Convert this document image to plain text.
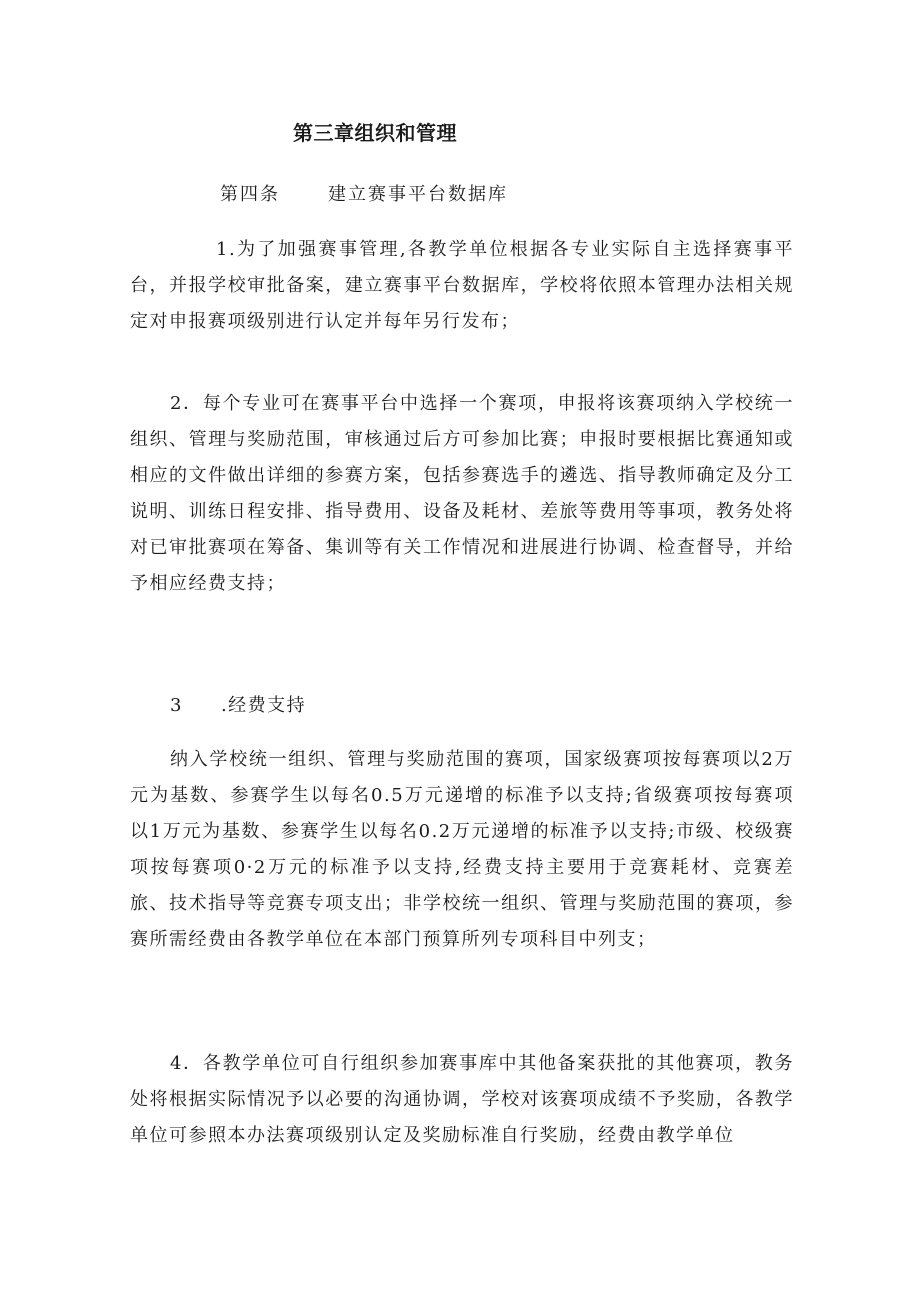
第三章组织和管理
第四条	建立赛事平台数据库

1.为了加强赛事管理,各教学单位根据各专业实际自主选择赛事平台，并报学校审批备案，建立赛事平台数据库，学校将依照本管理办法相关规定对申报赛项级别进行认定并每年另行发布；

2．每个专业可在赛事平台中选择一个赛项，申报将该赛项纳入学校统一组织、管理与奖励范围，审核通过后方可参加比赛；申报时要根据比赛通知或相应的文件做出详细的参赛方案，包括参赛选手的遴选、指导教师确定及分工说明、训练日程安排、指导费用、设备及耗材、差旅等费用等事项，教务处将对已审批赛项在筹备、集训等有关工作情况和进展进行协调、检查督导，并给予相应经费支持；

3 .经费支持

纳入学校统一组织、管理与奖励范围的赛项，国家级赛项按每赛项以2万元为基数、参赛学生以每名0.5万元递增的标准予以支持;省级赛项按每赛项以1万元为基数、参赛学生以每名0.2万元递增的标准予以支持;市级、校级赛项按每赛项0·2万元的标准予以支持,经费支持主要用于竞赛耗材、竞赛差旅、技术指导等竞赛专项支出；非学校统一组织、管理与奖励范围的赛项，参赛所需经费由各教学单位在本部门预算所列专项科目中列支；

4．各教学单位可自行组织参加赛事库中其他备案获批的其他赛项，教务处将根据实际情况予以必要的沟通协调，学校对该赛项成绩不予奖励，各教学单位可参照本办法赛项级别认定及奖励标准自行奖励，经费由教学单位
